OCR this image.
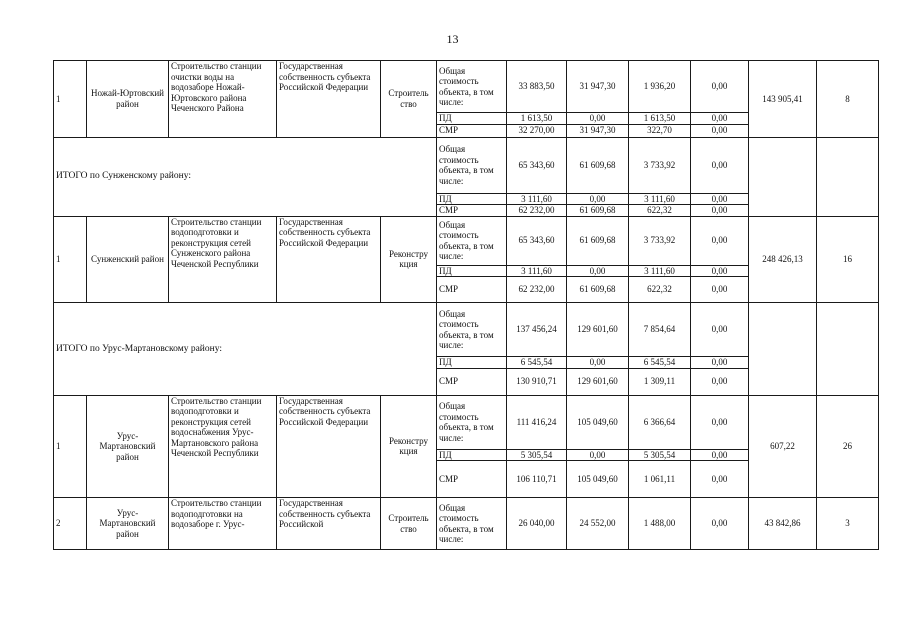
13
1	Ножай-Юртовский район	Строительство станции очистки воды на водозаборе Ножай-Юртовского района Чеченского Района	Государственная собственность субъекта Российской Федерации	Строитель ство	Общая стоимость объекта, в том числе:	33 883,50	31 947,30	1 936,20	0,00	143 905,41	8
					ПД	1 613,50	0,00	1 613,50	0,00		
					СМР	32 270,00	31 947,30	322,70	0,00		
ИТОГО по Сунженскому району:					Общая стоимость объекта, в том числе:	65 343,60	61 609,68	3 733,92	0,00		
					ПД	3 111,60	0,00	3 111,60	0,00		
					СМР	62 232,00	61 609,68	622,32	0,00		
1	Сунженский район	Строительство станции водоподготовки и реконструкция сетей Сунженского района Чеченской Республики	Государственная собственность субъекта Российской Федерации	Реконстру кция	Общая стоимость объекта, в том числе:	65 343,60	61 609,68	3 733,92	0,00	248 426,13	16
					ПД	3 111,60	0,00	3 111,60	0,00		
					СМР	62 232,00	61 609,68	622,32	0,00		
ИТОГО по Урус-Мартановскому району:					Общая стоимость объекта, в том числе:	137 456,24	129 601,60	7 854,64	0,00		
					ПД	6 545,54	0,00	6 545,54	0,00		
					СМР	130 910,71	129 601,60	1 309,11	0,00		
1	Урус-Мартановский район	Строительство станции водоподготовки и реконструкция сетей водоснабжения Урус-Мартановского района Чеченской Республики	Государственная собственность субъекта Российской Федерации	Реконстру кция	Общая стоимость объекта, в том числе:	111 416,24	105 049,60	6 366,64	0,00	607,22	26
					ПД	5 305,54	0,00	5 305,54	0,00		
					СМР	106 110,71	105 049,60	1 061,11	0,00		
2	Урус-Мартановский район	Строительство станции водоподготовки на водозаборе г. Урус-	Государственная собственность субъекта Российской	Строитель ство	Общая стоимость объекта, в том числе:	26 040,00	24 552,00	1 488,00	0,00	43 842,86	3
